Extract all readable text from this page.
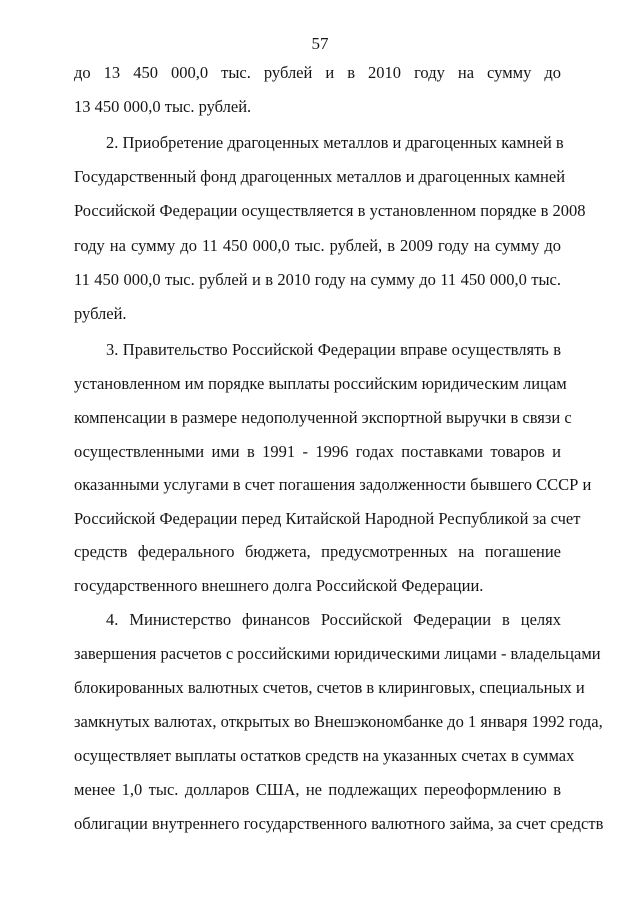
57
до 13 450 000,0 тыс. рублей и в 2010 году на сумму до
13 450 000,0 тыс. рублей.
2. Приобретение драгоценных металлов и драгоценных камней в
Государственный фонд драгоценных металлов и драгоценных камней
Российской Федерации осуществляется в установленном порядке в 2008
году на сумму до 11 450 000,0 тыс. рублей, в 2009 году на сумму до
11 450 000,0 тыс. рублей и в 2010 году на сумму до 11 450 000,0 тыс.
рублей.
3. Правительство Российской Федерации вправе осуществлять в
установленном им порядке выплаты российским юридическим лицам
компенсации в размере недополученной экспортной выручки в связи с
осуществленными ими в 1991 - 1996 годах поставками товаров и
оказанными услугами в счет погашения задолженности бывшего СССР и
Российской Федерации перед Китайской Народной Республикой за счет
средств федерального бюджета, предусмотренных на погашение
государственного внешнего долга Российской Федерации.
4. Министерство финансов Российской Федерации в целях
завершения расчетов с российскими юридическими лицами - владельцами
блокированных валютных счетов, счетов в клиринговых, специальных и
замкнутых валютах, открытых во Внешэкономбанке до 1 января 1992 года,
осуществляет выплаты остатков средств на указанных счетах в суммах
менее 1,0 тыс. долларов США, не подлежащих переоформлению в
облигации внутреннего государственного валютного займа, за счет средств
